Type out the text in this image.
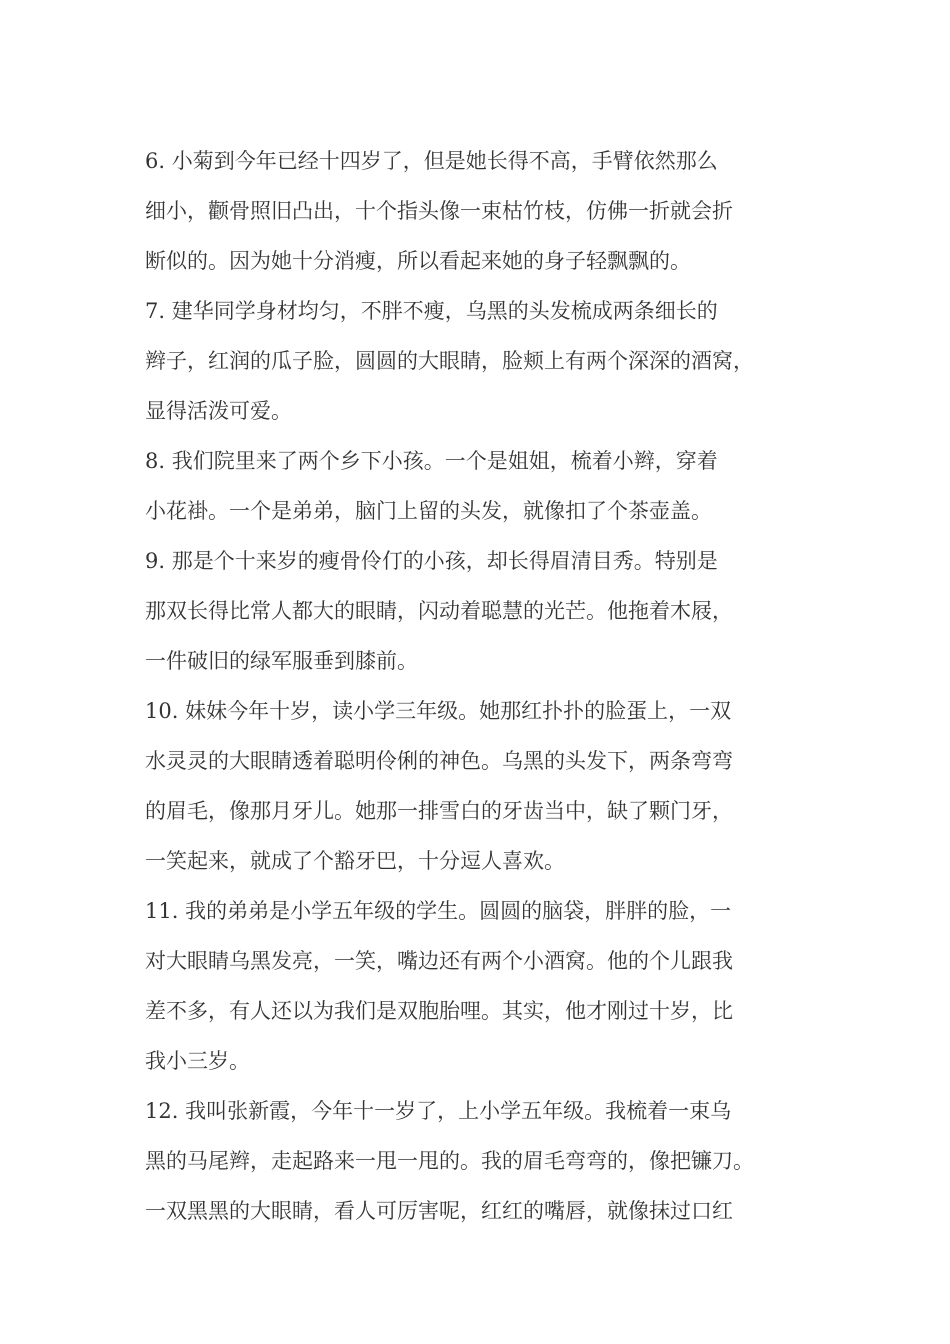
6. 小菊到今年已经十四岁了，但是她长得不高，手臂依然那么
细小，颧骨照旧凸出，十个指头像一束枯竹枝，仿佛一折就会折
断似的。因为她十分消瘦，所以看起来她的身子轻飘飘的。
7. 建华同学身材均匀，不胖不瘦，乌黑的头发梳成两条细长的
辫子，红润的瓜子脸，圆圆的大眼睛，脸颊上有两个深深的酒窝，
显得活泼可爱。
8. 我们院里来了两个乡下小孩。一个是姐姐，梳着小辫，穿着
小花褂。一个是弟弟，脑门上留的头发，就像扣了个茶壶盖。
9. 那是个十来岁的瘦骨伶仃的小孩，却长得眉清目秀。特别是
那双长得比常人都大的眼睛，闪动着聪慧的光芒。他拖着木屐，
一件破旧的绿军服垂到膝前。
10. 妹妹今年十岁，读小学三年级。她那红扑扑的脸蛋上，一双
水灵灵的大眼睛透着聪明伶俐的神色。乌黑的头发下，两条弯弯
的眉毛，像那月牙儿。她那一排雪白的牙齿当中，缺了颗门牙，
一笑起来，就成了个豁牙巴，十分逗人喜欢。
11. 我的弟弟是小学五年级的学生。圆圆的脑袋，胖胖的脸，一
对大眼睛乌黑发亮，一笑，嘴边还有两个小酒窝。他的个儿跟我
差不多，有人还以为我们是双胞胎哩。其实，他才刚过十岁，比
我小三岁。
12. 我叫张新霞，今年十一岁了，上小学五年级。我梳着一束乌
黑的马尾辫，走起路来一甩一甩的。我的眉毛弯弯的，像把镰刀。
一双黑黑的大眼睛，看人可厉害呢，红红的嘴唇，就像抹过口红
